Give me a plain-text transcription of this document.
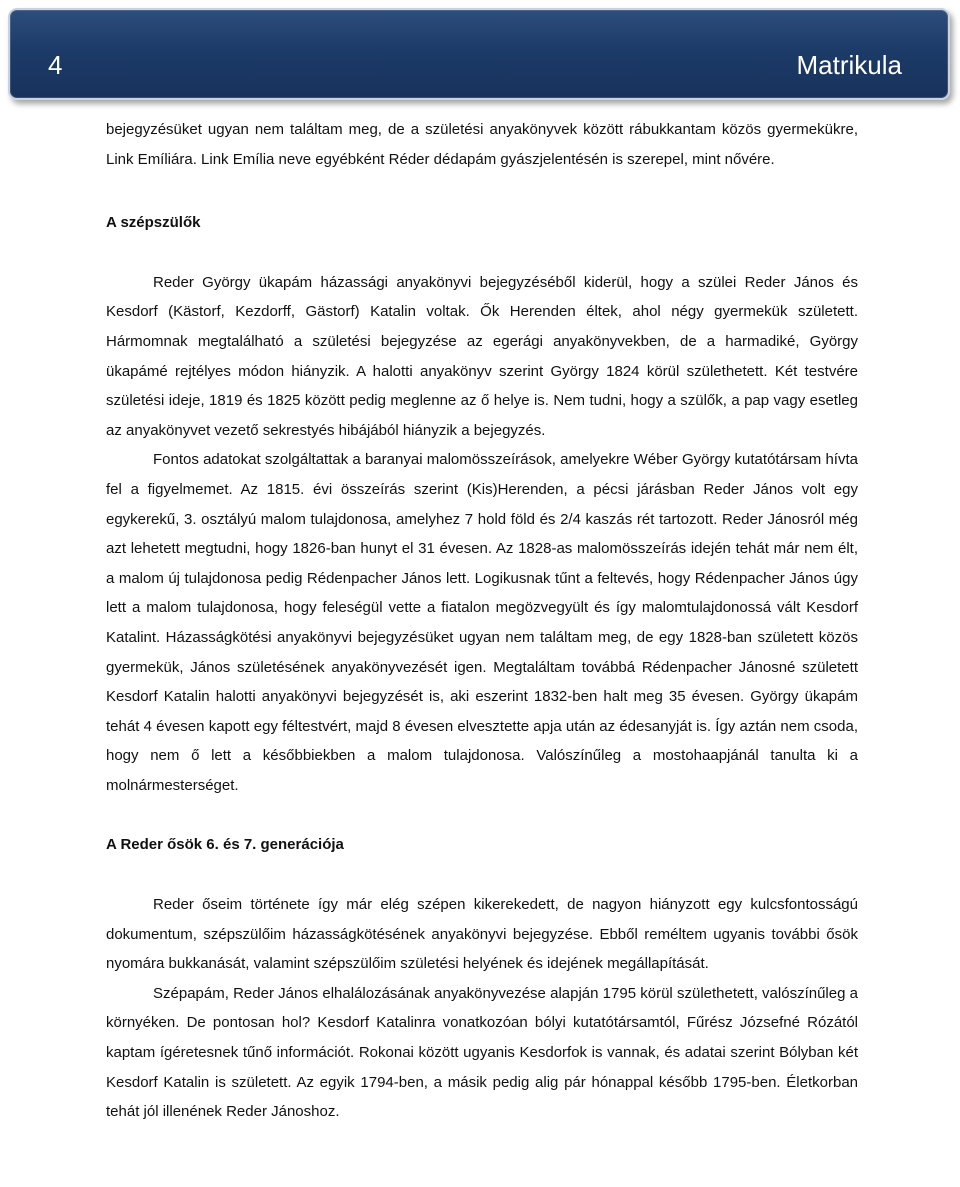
4	Matrikula

bejegyzésüket ugyan nem találtam meg, de a születési anyakönyvek között rábukkantam közös gyermekükre, Link Emíliára. Link Emília neve egyébként Réder dédapám gyászjelentésén is szerepel, mint nővére.

A szépszülők

Reder György ükapám házassági anyakönyvi bejegyzéséből kiderül, hogy a szülei Reder János és Kesdorf (Kästorf, Kezdorff, Gästorf) Katalin voltak. Ők Herenden éltek, ahol négy gyermekük született. Hármomnak megtalálható a születési bejegyzése az egerági anyakönyvekben, de a harmadiké, György ükapámé rejtélyes módon hiányzik. A halotti anyakönyv szerint György 1824 körül születhetett. Két testvére születési ideje, 1819 és 1825 között pedig meglenne az ő helye is. Nem tudni, hogy a szülők, a pap vagy esetleg az anyakönyvet vezető sekrestyés hibájából hiányzik a bejegyzés.

Fontos adatokat szolgáltattak a baranyai malomösszeírások, amelyekre Wéber György kutatótársam hívta fel a figyelmemet. Az 1815. évi összeírás szerint (Kis)Herenden, a pécsi járásban Reder János volt egy egykerekű, 3. osztályú malom tulajdonosa, amelyhez 7 hold föld és 2/4 kaszás rét tartozott. Reder Jánosról még azt lehetett megtudni, hogy 1826-ban hunyt el 31 évesen. Az 1828-as malomösszeírás idején tehát már nem élt, a malom új tulajdonosa pedig Rédenpacher János lett. Logikusnak tűnt a feltevés, hogy Rédenpacher János úgy lett a malom tulajdonosa, hogy feleségül vette a fiatalon megözvegyült és így malomtulajdonossá vált Kesdorf Katalint. Házasságkötési anyakönyvi bejegyzésüket ugyan nem találtam meg, de egy 1828-ban született közös gyermekük, János születésének anyakönyvezését igen. Megtaláltam továbbá Rédenpacher Jánosné született Kesdorf Katalin halotti anyakönyvi bejegyzését is, aki eszerint 1832-ben halt meg 35 évesen. György ükapám tehát 4 évesen kapott egy féltestvért, majd 8 évesen elvesztette apja után az édesanyját is. Így aztán nem csoda, hogy nem ő lett a későbbiekben a malom tulajdonosa. Valószínűleg a mostohaapjánál tanulta ki a molnármesterséget.

A Reder ősök 6. és 7. generációja

Reder őseim története így már elég szépen kikerekedett, de nagyon hiányzott egy kulcsfontosságú dokumentum, szépszülőim házasságkötésének anyakönyvi bejegyzése. Ebből reméltem ugyanis további ősök nyomára bukkanását, valamint szépszülőim születési helyének és idejének megállapítását.

Szépapám, Reder János elhalálozásának anyakönyvezése alapján 1795 körül születhetett, valószínűleg a környéken. De pontosan hol? Kesdorf Katalinra vonatkozóan bólyi kutatótársamtól, Fűrész Józsefné Rózától kaptam ígéretesnek tűnő információt. Rokonai között ugyanis Kesdorfok is vannak, és adatai szerint Bólyban két Kesdorf Katalin is született. Az egyik 1794-ben, a másik pedig alig pár hónappal később 1795-ben. Életkorban tehát jól illenének Reder Jánoshoz.
